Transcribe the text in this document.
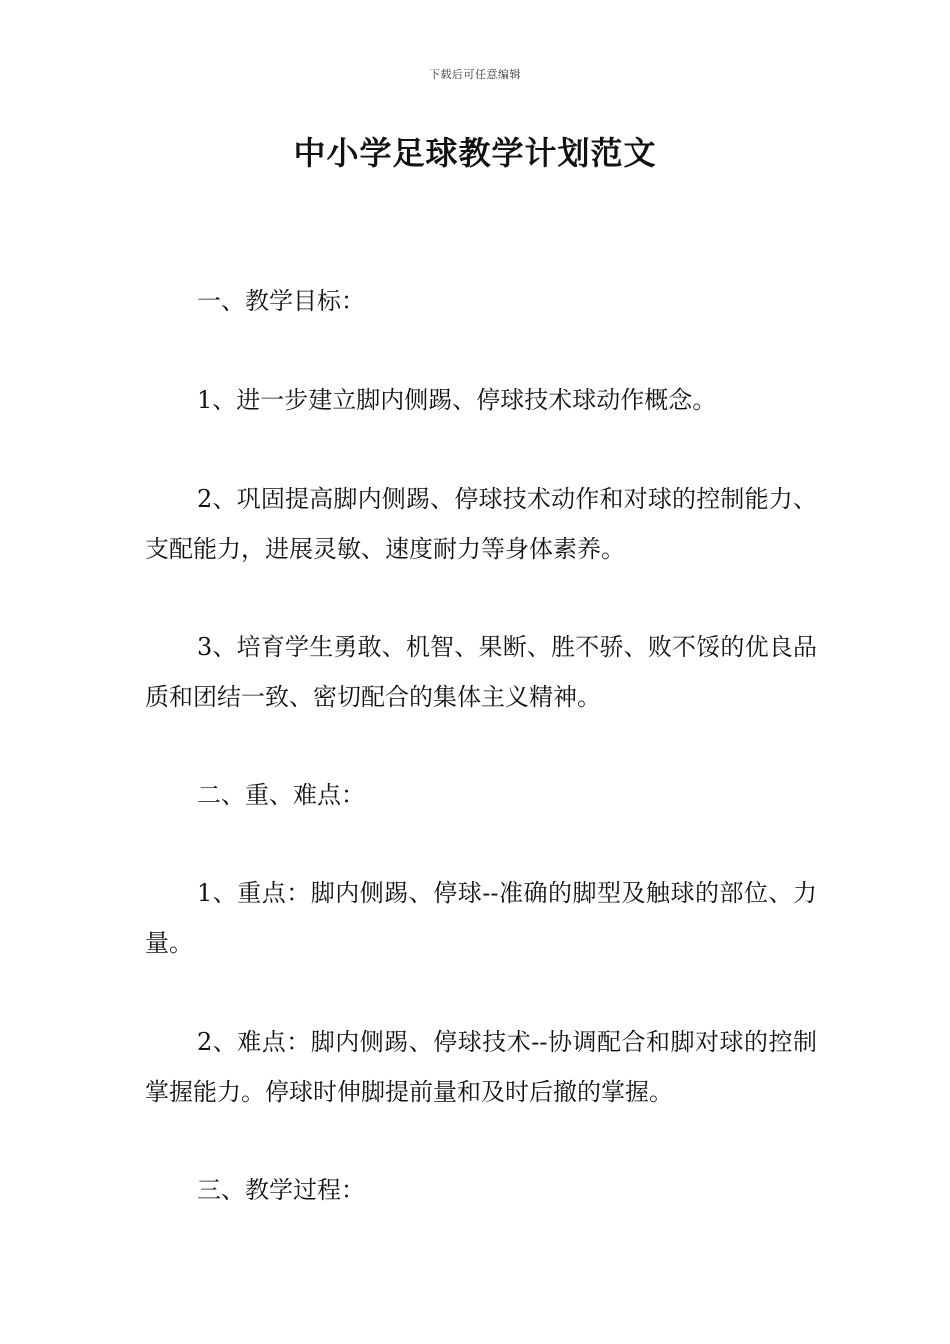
下载后可任意编辑
中小学足球教学计划范文

一、教学目标：

1、进一步建立脚内侧踢、停球技术球动作概念。

2、巩固提高脚内侧踢、停球技术动作和对球的控制能力、支配能力，进展灵敏、速度耐力等身体素养。

3、培育学生勇敢、机智、果断、胜不骄、败不馁的优良品质和团结一致、密切配合的集体主义精神。

二、重、难点：

1、重点：脚内侧踢、停球--准确的脚型及触球的部位、力量。

2、难点：脚内侧踢、停球技术--协调配合和脚对球的控制掌握能力。停球时伸脚提前量和及时后撤的掌握。

三、教学过程：
